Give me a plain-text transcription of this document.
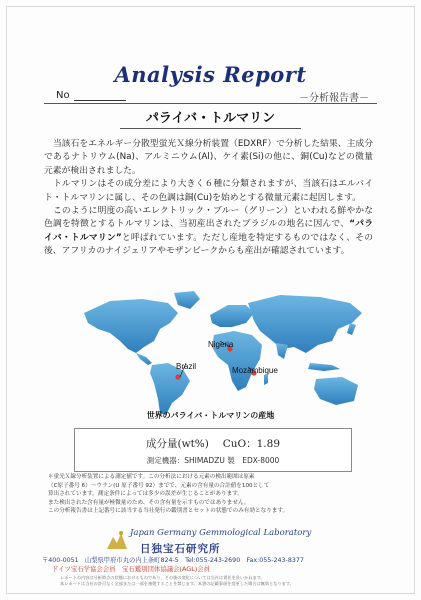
Analysis Report
No	－分析報告書－
パライバ・トルマリン

当該石をエネルギー分散型蛍光Ｘ線分析装置（EDXRF）で分析した結果、主成分であるナトリウム(Na)、アルミニウム(Al)、ケイ素(Si)の他に、銅(Cu)などの微量元素が検出されました。

トルマリンはその成分差により大きく６種に分類されますが、当該石はエルバイト・トルマリンに属し、その色調は銅(Cu)を始めとする微量元素に起因します。

このように明度の高いエレクトリック・ブルー（グリーン）といわれる鮮やかな色調を特徴とするトルマリンは、当初産出されたブラジルの地名に因んで、“パライバ・トルマリン”と呼ばれています。ただし産地を特定するものではなく、その後、アフリカのナイジェリアやモザンビークからも産出が確認されています。

Brazil
Nigeria
Mozambique
世界のパライバ・トルマリンの産地
成分量(wt%)　 CuO：1.89
測定機器：SHIMADZU 製　EDX-8000

＊蛍光Ｘ線分析装置による測定値です。この分析法における元素の検出範囲は原素

（C原子番号 6）～ウラン(U 原子番号 92）までで、元素の含有量の合計値を100として

算出されています。測定条件によっては多少の誤差が生じることがあります。

また検出された含有量が極微量のため、その含有量を示すものではありません。

この分析報告書は上記番号に該当する当社発行の鑑別書とセットの状態でのみ有効となります。

Japan Germany Gemmological Laboratory
日独宝石研究所
〒400-0051　山梨県甲府市丸の内上条町824-5　Tel:055-243-2690　Fax:055-243-8377
ドイツ宝石学協会会員　宝石鑑別団体協議会(AGL)会員

レポートの内容は分析時点の状態におけるものであり、その後の変化については当社は責任を負いかねます。

本レポートは当社の許可なく全部または一部を複製することを禁じます。本書の記載事項を変更した場合は無効となります。
